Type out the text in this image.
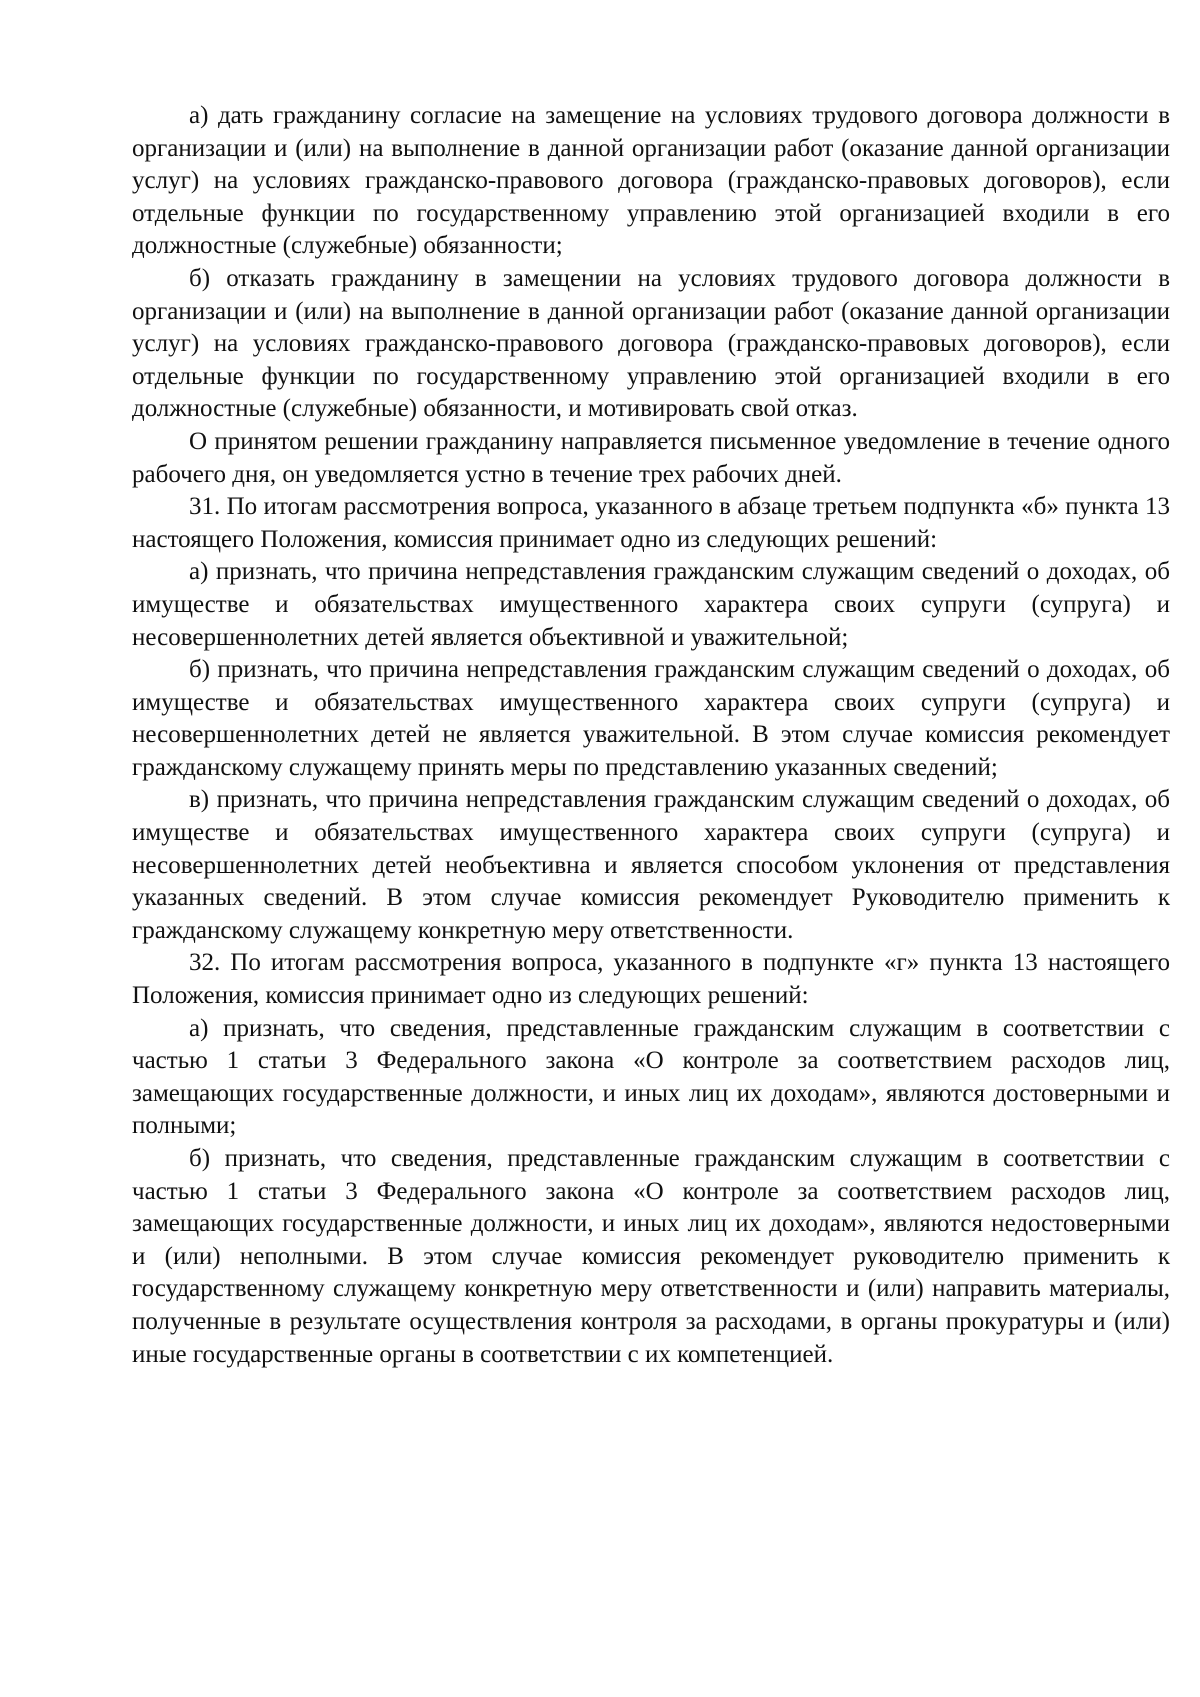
а) дать гражданину согласие на замещение на условиях трудового договора должности в организации и (или) на выполнение в данной организации работ (оказание данной организации услуг) на условиях гражданско-правового договора (гражданско-правовых договоров), если отдельные функции по государственному управлению этой организацией входили в его должностные (служебные) обязанности;

б) отказать гражданину в замещении на условиях трудового договора должности в организации и (или) на выполнение в данной организации работ (оказание данной организации услуг) на условиях гражданско-правового договора (гражданско-правовых договоров), если отдельные функции по государственному управлению этой организацией входили в его должностные (служебные) обязанности, и мотивировать свой отказ.

О принятом решении гражданину направляется письменное уведомление в течение одного рабочего дня, он уведомляется устно в течение трех рабочих дней.

31. По итогам рассмотрения вопроса, указанного в абзаце третьем подпункта «б» пункта 13 настоящего Положения, комиссия принимает одно из следующих решений:

а) признать, что причина непредставления гражданским служащим сведений о доходах, об имуществе и обязательствах имущественного характера своих супруги (супруга) и несовершеннолетних детей является объективной и уважительной;

б) признать, что причина непредставления гражданским служащим сведений о доходах, об имуществе и обязательствах имущественного характера своих супруги (супруга) и несовершеннолетних детей не является уважительной. В этом случае комиссия рекомендует гражданскому служащему принять меры по представлению указанных сведений;

в) признать, что причина непредставления гражданским служащим сведений о доходах, об имуществе и обязательствах имущественного характера своих супруги (супруга) и несовершеннолетних детей необъективна и является способом уклонения от представления указанных сведений. В этом случае комиссия рекомендует Руководителю применить к гражданскому служащему конкретную меру ответственности.

32. По итогам рассмотрения вопроса, указанного в подпункте «г» пункта 13 настоящего Положения, комиссия принимает одно из следующих решений:

а) признать, что сведения, представленные гражданским служащим в соответствии с частью 1 статьи 3 Федерального закона «О контроле за соответствием расходов лиц, замещающих государственные должности, и иных лиц их доходам», являются достоверными и полными;

б) признать, что сведения, представленные гражданским служащим в соответствии с частью 1 статьи 3 Федерального закона «О контроле за соответствием расходов лиц, замещающих государственные должности, и иных лиц их доходам», являются недостоверными и (или) неполными. В этом случае комиссия рекомендует руководителю применить к государственному служащему конкретную меру ответственности и (или) направить материалы, полученные в результате осуществления контроля за расходами, в органы прокуратуры и (или) иные государственные органы в соответствии с их компетенцией.
